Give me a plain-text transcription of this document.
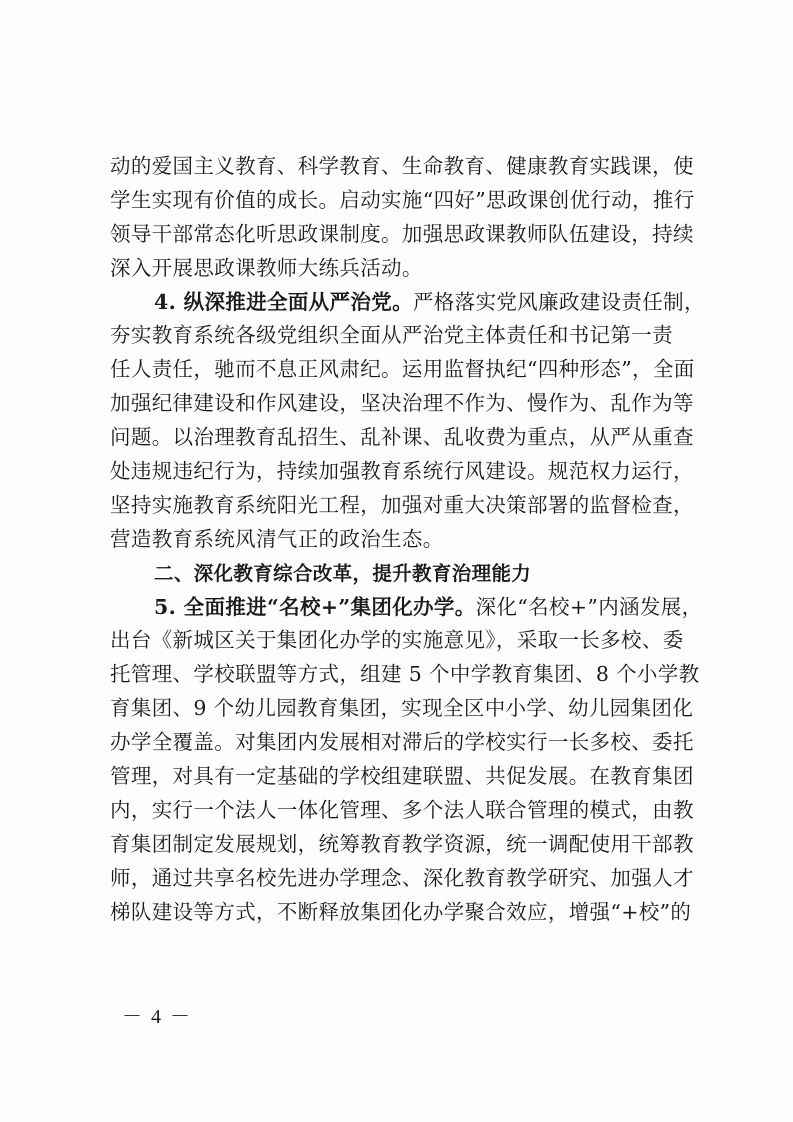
动的爱国主义教育、科学教育、生命教育、健康教育实践课，使
学生实现有价值的成长。启动实施“四好”思政课创优行动，推行
领导干部常态化听思政课制度。加强思政课教师队伍建设，持续
深入开展思政课教师大练兵活动。
4. 纵深推进全面从严治党。严格落实党风廉政建设责任制，
夯实教育系统各级党组织全面从严治党主体责任和书记第一责
任人责任，驰而不息正风肃纪。运用监督执纪“四种形态”，全面
加强纪律建设和作风建设，坚决治理不作为、慢作为、乱作为等
问题。以治理教育乱招生、乱补课、乱收费为重点，从严从重查
处违规违纪行为，持续加强教育系统行风建设。规范权力运行，
坚持实施教育系统阳光工程，加强对重大决策部署的监督检查，
营造教育系统风清气正的政治生态。
二、深化教育综合改革，提升教育治理能力
5. 全面推进“名校+”集团化办学。深化“名校+”内涵发展，
出台《新城区关于集团化办学的实施意见》，采取一长多校、委
托管理、学校联盟等方式，组建 5 个中学教育集团、8 个小学教
育集团、9 个幼儿园教育集团，实现全区中小学、幼儿园集团化
办学全覆盖。对集团内发展相对滞后的学校实行一长多校、委托
管理，对具有一定基础的学校组建联盟、共促发展。在教育集团
内，实行一个法人一体化管理、多个法人联合管理的模式，由教
育集团制定发展规划，统筹教育教学资源，统一调配使用干部教
师，通过共享名校先进办学理念、深化教育教学研究、加强人才
梯队建设等方式，不断释放集团化办学聚合效应，增强“+校”的
－ 4 －
